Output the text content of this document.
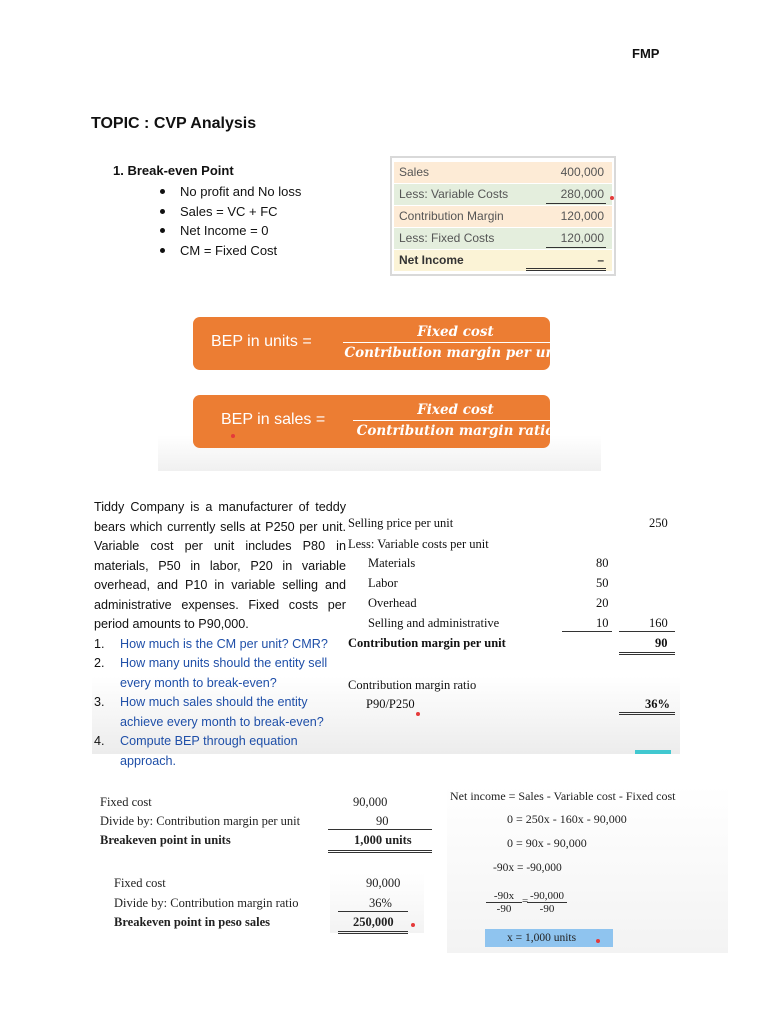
FMP
TOPIC : CVP Analysis
1. Break-even Point
No profit and No loss
Sales = VC + FC
Net Income = 0
CM = Fixed Cost
Sales	400,000
Less: Variable Costs	280,000
Contribution Margin	120,000
Less: Fixed Costs	120,000
Net Income	–
BEP in units =
Fixed cost
Contribution margin per unit
BEP in sales =
Fixed cost
Contribution margin ratio
Tiddy Company is a manufacturer of teddy bears which currently sells at P250 per unit. Variable cost per unit includes P80 in materials, P50 in labor, P20 in variable overhead, and P10 in variable selling and administrative expenses. Fixed costs per period amounts to P90,000.
1. How much is the CM per unit? CMR?
2. How many units should the entity sell every month to break-even?
3. How much sales should the entity achieve every month to break-even?
4. Compute BEP through equation approach.
Selling price per unit	250
Less: Variable costs per unit
Materials	80
Labor	50
Overhead	20
Selling and administrative	10	160
Contribution margin per unit	90
Contribution margin ratio
P90/P250	36%
Fixed cost	90,000
Divide by: Contribution margin per unit	90
Breakeven point in units	1,000 units
Fixed cost	90,000
Divide by: Contribution margin ratio	36%
Breakeven point in peso sales	250,000
Net income = Sales - Variable cost - Fixed cost
0 = 250x - 160x - 90,000
0 = 90x - 90,000
-90x = -90,000
$\frac{-90x}{-90}$ =
$\frac{-90,000}{-90}$
x = 1,000 units
